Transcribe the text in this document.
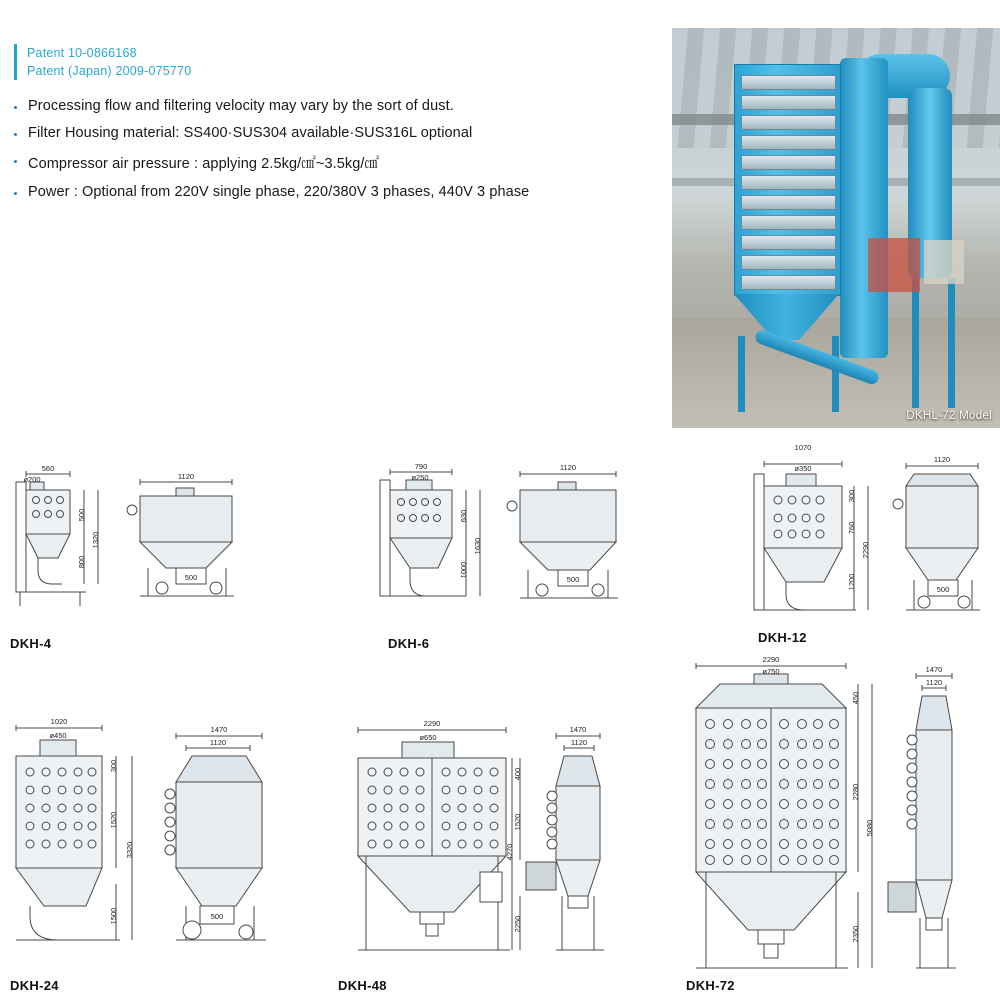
Patent 10-0866168
Patent (Japan) 2009-075770
Processing flow and filtering velocity may vary by the sort of dust.
Filter Housing material: SS400·SUS304 available·SUS316L optional
Compressor air pressure : applying 2.5kg/㎠~3.5kg/㎠
Power : Optional from 220V single phase, 220/380V 3 phases, 440V 3 phase
DKHL-72 Model
560
ø200
500
800
1320
1120
500
DKH-4
790
ø250
630
1000
1630
1120
500
DKH-6
1070
ø350
300
760
1200
2290
1120
500
DKH-12
1020
ø450
300
1520
1500
3320
1470
1120
500
DKH-24
2290
ø650
400
1520
2250
4270
1470
1120
DKH-48
2290
ø750
450
2280
2350
5080
1470
1120
DKH-72
